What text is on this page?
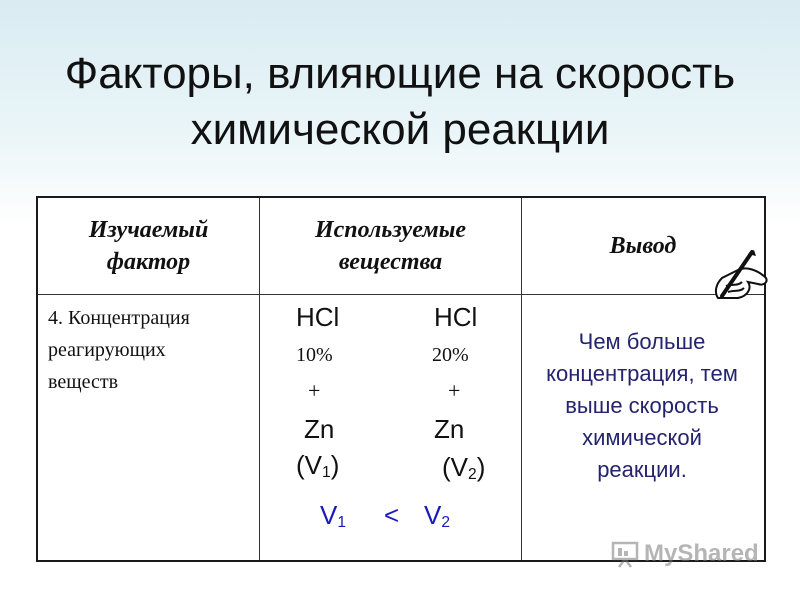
Факторы, влияющие на скорость
химической реакции
Изучаемый
фактор
Используемые
вещества
Вывод
4. Концентрация
реагирующих
веществ
HCl
10%
+
Zn
$(V_1)$
HCl
20%
+
Zn
$(V_2)$
$V_1 < V_2$
Чем больше
концентрация, тем
выше скорость
химической
реакции.
MyShared
